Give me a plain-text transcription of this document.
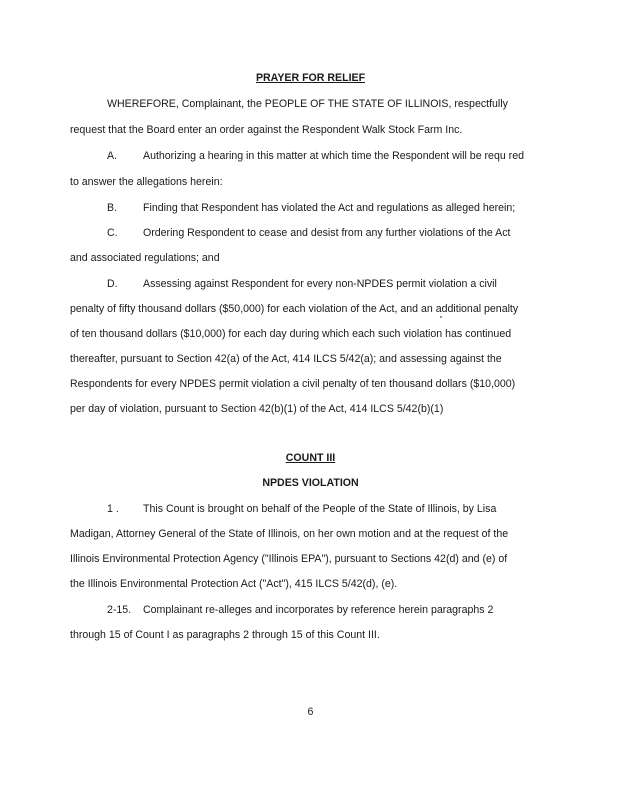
PRAYER FOR RELIEF
WHEREFORE, Complainant, the PEOPLE OF THE STATE OF ILLINOIS, respectfully
request that the Board enter an order against the Respondent Walk Stock Farm Inc.
A. Authorizing a hearing in this matter at which time the Respondent will be requ red
to answer the allegations herein:
B. Finding that Respondent has violated the Act and regulations as alleged herein;
C. Ordering Respondent to cease and desist from any further violations of the Act
and associated regulations; and
D. Assessing against Respondent for every non-NPDES permit violation a civil
penalty of fifty thousand dollars ($50,000) for each violation of the Act, and an additional penalty
of ten thousand dollars ($10,000) for each day during which each such violation has continued
thereafter, pursuant to Section 42(a) of the Act, 414 ILCS 5/42(a); and assessing against the
Respondents for every NPDES permit violation a civil penalty of ten thousand dollars ($10,000)
per day of violation, pursuant to Section 42(b)(1) of the Act, 414 ILCS 5/42(b)(1)
COUNT III
NPDES VIOLATION
1 . This Count is brought on behalf of the People of the State of Illinois, by Lisa
Madigan, Attorney General of the State of Illinois, on her own motion and at the request of the
Illinois Environmental Protection Agency ("Illinois EPA"), pursuant to Sections 42(d) and (e) of
the Illinois Environmental Protection Act ("Act"), 415 ILCS 5/42(d), (e).
2-15. Complainant re-alleges and incorporates by reference herein paragraphs 2
through 15 of Count I as paragraphs 2 through 15 of this Count III.
6
